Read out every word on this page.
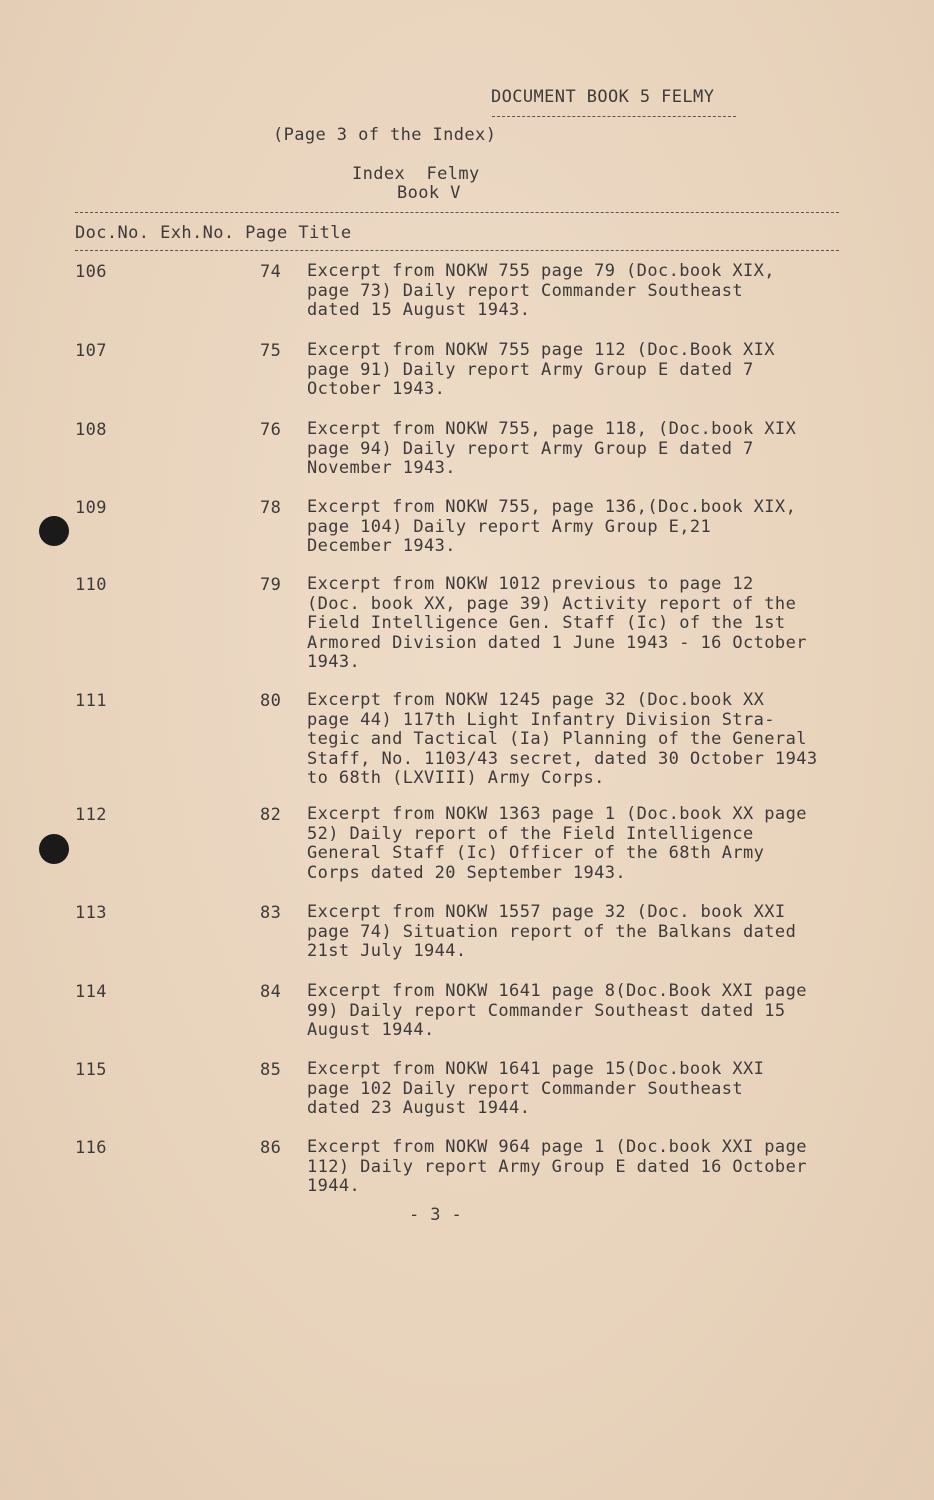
DOCUMENT BOOK 5 FELMY
(Page 3 of the Index)
Index  Felmy
Book V
Doc.No. Exh.No. Page Title
106	74 Excerpt from NOKW 755 page 79 (Doc.book XIX,
page 73) Daily report Commander Southeast
dated 15 August 1943.
107	75 Excerpt from NOKW 755 page 112 (Doc.Book XIX
page 91) Daily report Army Group E dated 7
October 1943.
108	76 Excerpt from NOKW 755, page 118, (Doc.book XIX
page 94) Daily report Army Group E dated 7
November 1943.
109	78 Excerpt from NOKW 755, page 136,(Doc.book XIX,
page 104) Daily report Army Group E,21
December 1943.
110	79 Excerpt from NOKW 1012 previous to page 12
(Doc. book XX, page 39) Activity report of the
Field Intelligence Gen. Staff (Ic) of the 1st
Armored Division dated 1 June 1943 - 16 October
1943.
111	80 Excerpt from NOKW 1245 page 32 (Doc.book XX
page 44) 117th Light Infantry Division Stra-
tegic and Tactical (Ia) Planning of the General
Staff, No. 1103/43 secret, dated 30 October 1943
to 68th (LXVIII) Army Corps.
112	82 Excerpt from NOKW 1363 page 1 (Doc.book XX page
52) Daily report of the Field Intelligence
General Staff (Ic) Officer of the 68th Army
Corps dated 20 September 1943.
113	83 Excerpt from NOKW 1557 page 32 (Doc. book XXI
page 74) Situation report of the Balkans dated
21st July 1944.
114	84 Excerpt from NOKW 1641 page 8(Doc.Book XXI page
99) Daily report Commander Southeast dated 15
August 1944.
115	85 Excerpt from NOKW 1641 page 15(Doc.book XXI
page 102 Daily report Commander Southeast
dated 23 August 1944.
116	86 Excerpt from NOKW 964 page 1 (Doc.book XXI page
112) Daily report Army Group E dated 16 October
1944.
- 3 -
